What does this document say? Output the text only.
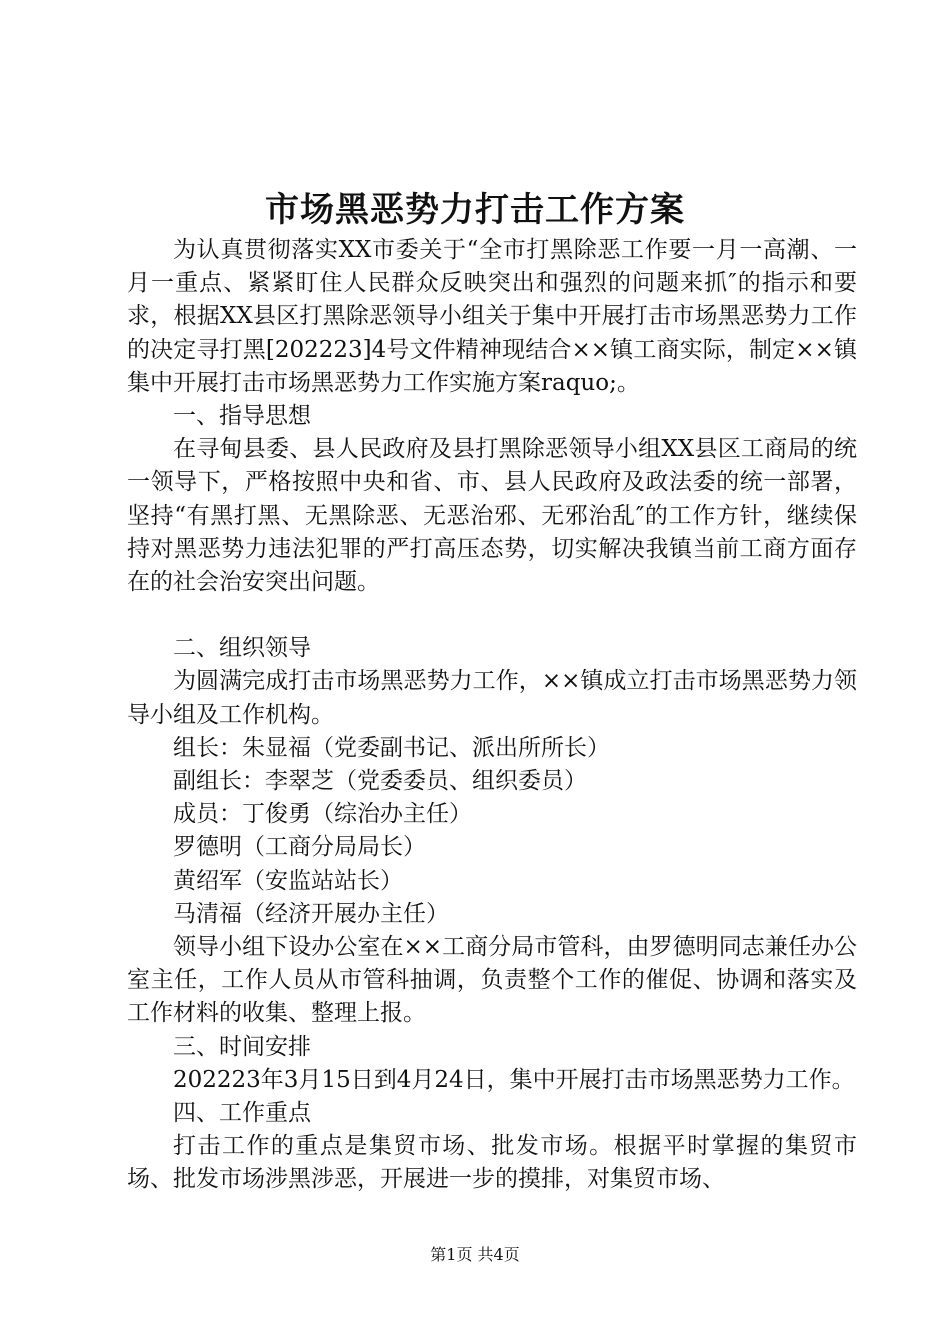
市场黑恶势力打击工作方案

为认真贯彻落实XX市委关于“全市打黑除恶工作要一月一高潮、一月一重点、紧紧盯住人民群众反映突出和强烈的问题来抓″的指示和要求，根据XX县区打黑除恶领导小组关于集中开展打击市场黑恶势力工作的决定寻打黑[202223]4号文件精神现结合××镇工商实际，制定××镇集中开展打击市场黑恶势力工作实施方案raquo;。

一、指导思想

在寻甸县委、县人民政府及县打黑除恶领导小组XX县区工商局的统一领导下，严格按照中央和省、市、县人民政府及政法委的统一部署，坚持“有黑打黑、无黑除恶、无恶治邪、无邪治乱″的工作方针，继续保持对黑恶势力违法犯罪的严打高压态势，切实解决我镇当前工商方面存在的社会治安突出问题。

二、组织领导

为圆满完成打击市场黑恶势力工作，××镇成立打击市场黑恶势力领导小组及工作机构。

组长：朱显福（党委副书记、派出所所长）

副组长：李翠芝（党委委员、组织委员）

成员：丁俊勇（综治办主任）

罗德明（工商分局局长）

黄绍军（安监站站长）

马清福（经济开展办主任）

领导小组下设办公室在××工商分局市管科，由罗德明同志兼任办公室主任，工作人员从市管科抽调，负责整个工作的催促、协调和落实及工作材料的收集、整理上报。

三、时间安排

202223年3月15日到4月24日，集中开展打击市场黑恶势力工作。

四、工作重点

打击工作的重点是集贸市场、批发市场。根据平时掌握的集贸市场、批发市场涉黑涉恶，开展进一步的摸排，对集贸市场、

第1页 共4页
